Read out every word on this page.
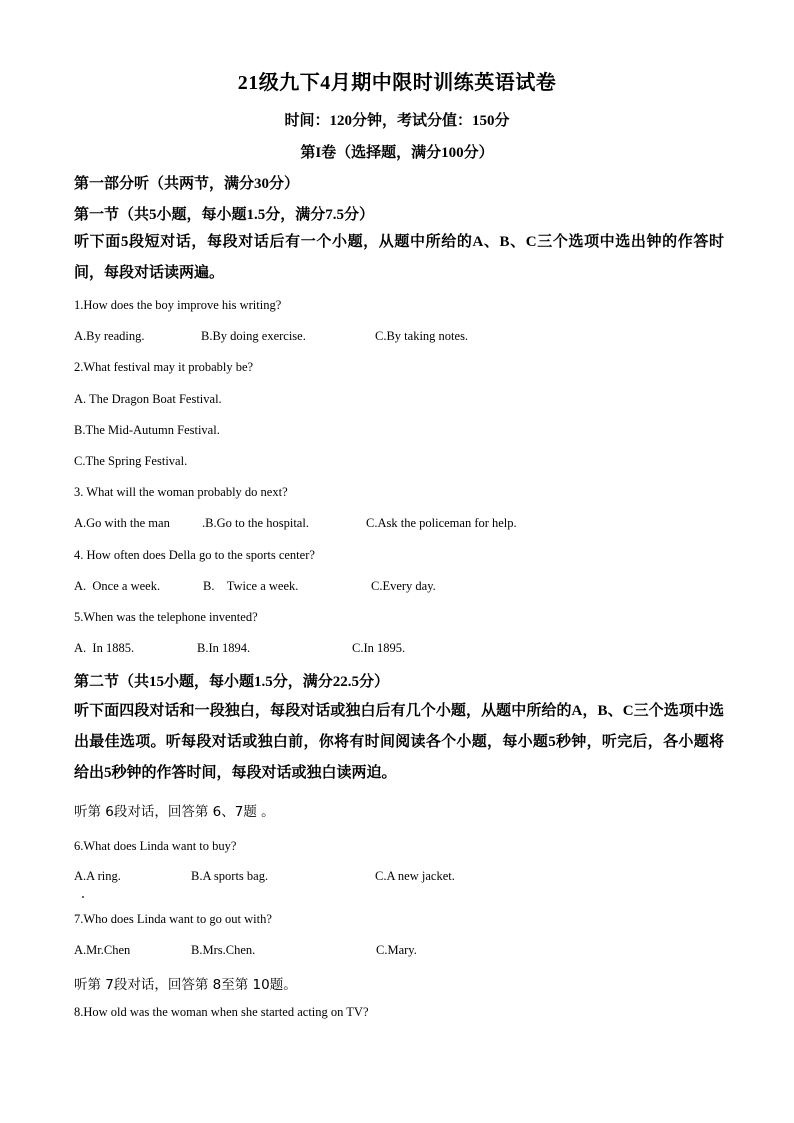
21级九下4月期中限时训练英语试卷
时间：120分钟，考试分值：150分
第I卷（选择题，满分100分）
第一部分听（共两节，满分30分）
第一节（共5小题，每小题1.5分，满分7.5分）
听下面5段短对话，每段对话后有一个小题，从题中所给的A、B、C三个选项中选出钟的作答时间，每段对话读两遍。
1.How does the boy improve his writing?
A.By reading.	B.By doing exercise.	C.By taking notes.
2.What festival may it probably be?
A. The Dragon Boat Festival.
B.The Mid-Autumn Festival.
C.The Spring Festival.
3. What will the woman probably do next?
A.Go with the man	.B.Go to the hospital.	C.Ask the policeman for help.
4. How often does Della go to the sports center?
A.  Once a week.	B.    Twice a week.	C.Every day.
5.When was the telephone invented?
A.  In 1885.	B.In 1894.	C.In 1895.
第二节（共15小题，每小题1.5分，满分22.5分）
听下面四段对话和一段独白，每段对话或独白后有几个小题，从题中所给的A，B、C三个选项中选出最佳选项。听每段对话或独白前，你将有时间阅读各个小题，每小题5秒钟，听完后，各小题将给出5秒钟的作答时间，每段对话或独白读两迫。
听第 6段对话，回答第 6、7题 。
6.What does Linda want to buy?
A.A ring.	B.A sports bag.	C.A new jacket.
7.Who does Linda want to go out with?
A.Mr.Chen	B.Mrs.Chen.	C.Mary.
听第 7段对话，回答第 8至第 10题。
8.How old was the woman when she started acting on TV?
